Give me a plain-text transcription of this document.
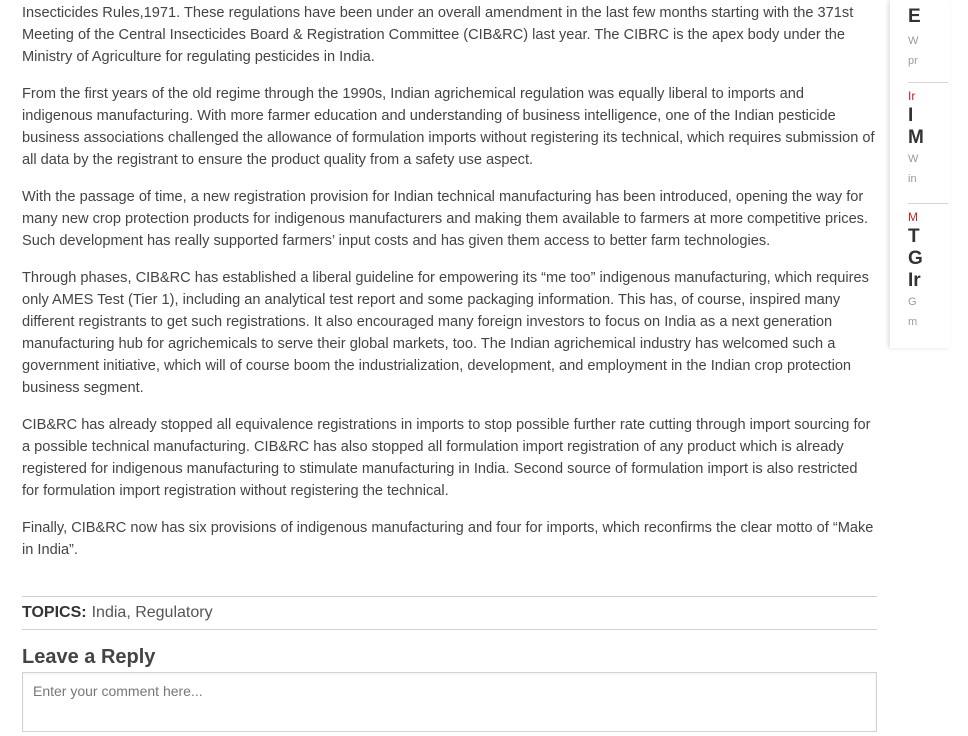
Insecticides Rules,1971. These regulations have been under an overall amendment in the last few months starting with the 371st Meeting of the Central Insecticides Board & Registration Committee (CIB&RC) last year. The CIBRC is the apex body under the Ministry of Agriculture for regulating pesticides in India.

From the first years of the old regime through the 1990s, Indian agrichemical regulation was equally liberal to imports and indigenous manufacturing. With more farmer education and understanding of business intelligence, one of the Indian pesticide business associations challenged the allowance of formulation imports without registering its technical, which requires submission of all data by the registrant to ensure the product quality from a safety use aspect.

With the passage of time, a new registration provision for Indian technical manufacturing has been introduced, opening the way for many new crop protection products for indigenous manufacturers and making them available to farmers at more competitive prices. Such development has really supported farmers’ input costs and has given them access to better farm technologies.

Through phases, CIB&RC has established a liberal guideline for empowering its “me too” indigenous manufacturing, which requires only AMES Test (Tier 1), including an analytical test report and some packaging information. This has, of course, inspired many different registrants to get such registrations. It also encouraged many foreign investors to focus on India as a next generation manufacturing hub for agrichemicals to serve their global markets, too. The Indian agrichemical industry has welcomed such a government initiative, which will of course boom the industrialization, development, and employment in the Indian crop protection business segment.

CIB&RC has already stopped all equivalence registrations in imports to stop possible further rate cutting through import sourcing for a possible technical manufacturing. CIB&RC has also stopped all formulation import registration of any product which is already registered for indigenous manufacturing to stimulate manufacturing in India. Second source of formulation import is also restricted for formulation import registration without registering the technical.

Finally, CIB&RC now has six provisions of indigenous manufacturing and four for imports, which reconfirms the clear motto of “Make in India”.

TOPICS: India , Regulatory
Leave a Reply
Enter your comment here...

E

W

pr

Ir

I

M

W

in

M

T

G

Ir

G

m
